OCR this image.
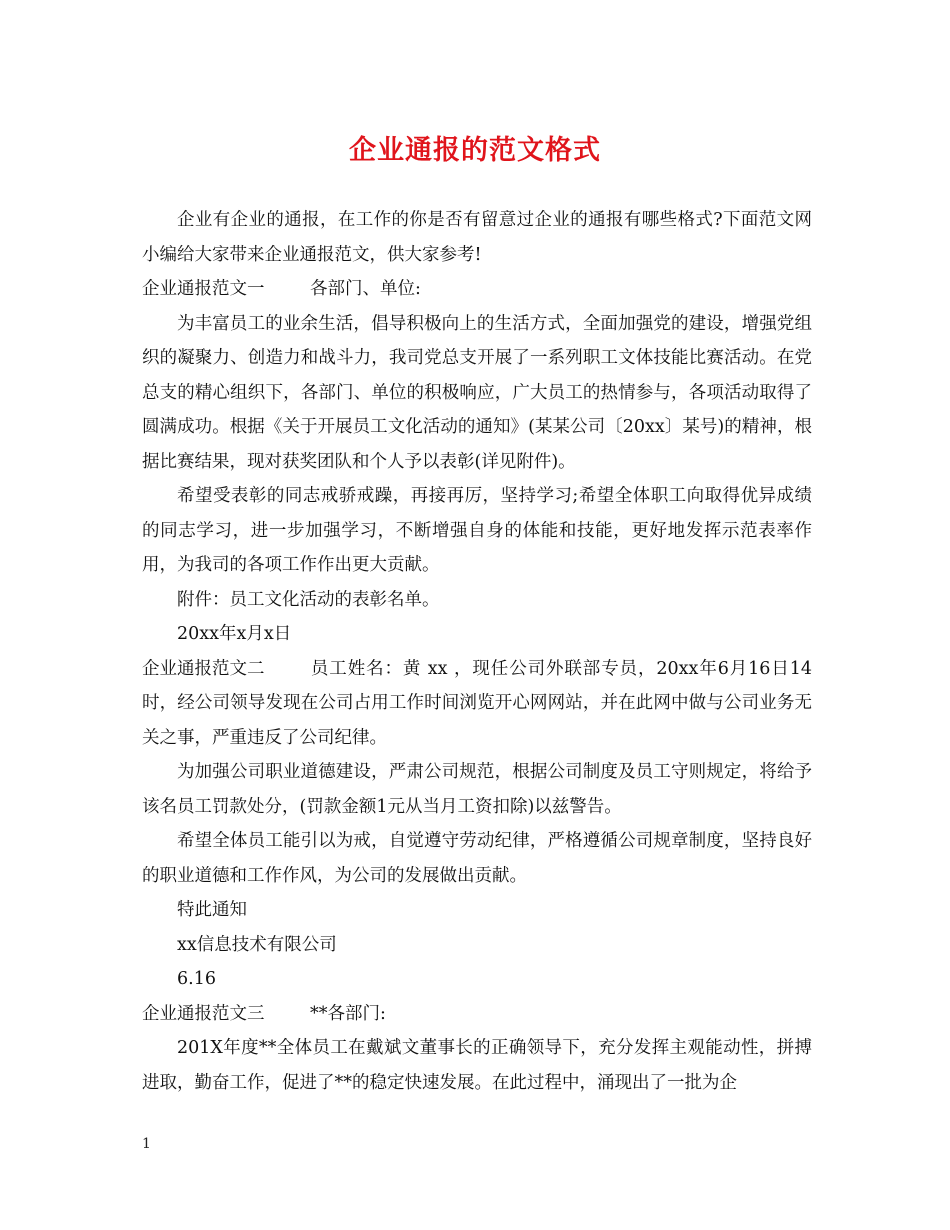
企业通报的范文格式

企业有企业的通报，在工作的你是否有留意过企业的通报有哪些格式?下面范文网小编给大家带来企业通报范文，供大家参考!

企业通报范文一	各部门、单位:

为丰富员工的业余生活，倡导积极向上的生活方式，全面加强党的建设，增强党组织的凝聚力、创造力和战斗力，我司党总支开展了一系列职工文体技能比赛活动。在党总支的精心组织下，各部门、单位的积极响应，广大员工的热情参与，各项活动取得了圆满成功。根据《关于开展员工文化活动的通知》(某某公司〔20xx〕某号)的精神，根据比赛结果，现对获奖团队和个人予以表彰(详见附件)。

希望受表彰的同志戒骄戒躁，再接再厉，坚持学习;希望全体职工向取得优异成绩的同志学习，进一步加强学习，不断增强自身的体能和技能，更好地发挥示范表率作用，为我司的各项工作作出更大贡献。

附件：员工文化活动的表彰名单。

20xx年x月x日

企业通报范文二	员工姓名：黄 xx ，现任公司外联部专员，20xx年6月16日14时，经公司领导发现在公司占用工作时间浏览开心网网站，并在此网中做与公司业务无关之事，严重违反了公司纪律。

为加强公司职业道德建设，严肃公司规范，根据公司制度及员工守则规定，将给予该名员工罚款处分，(罚款金额1元从当月工资扣除)以兹警告。

希望全体员工能引以为戒，自觉遵守劳动纪律，严格遵循公司规章制度，坚持良好的职业道德和工作作风，为公司的发展做出贡献。

特此通知

xx信息技术有限公司

6.16

企业通报范文三	**各部门:

201X年度**全体员工在戴斌文董事长的正确领导下，充分发挥主观能动性，拼搏进取，勤奋工作，促进了**的稳定快速发展。在此过程中，涌现出了一批为企

1
